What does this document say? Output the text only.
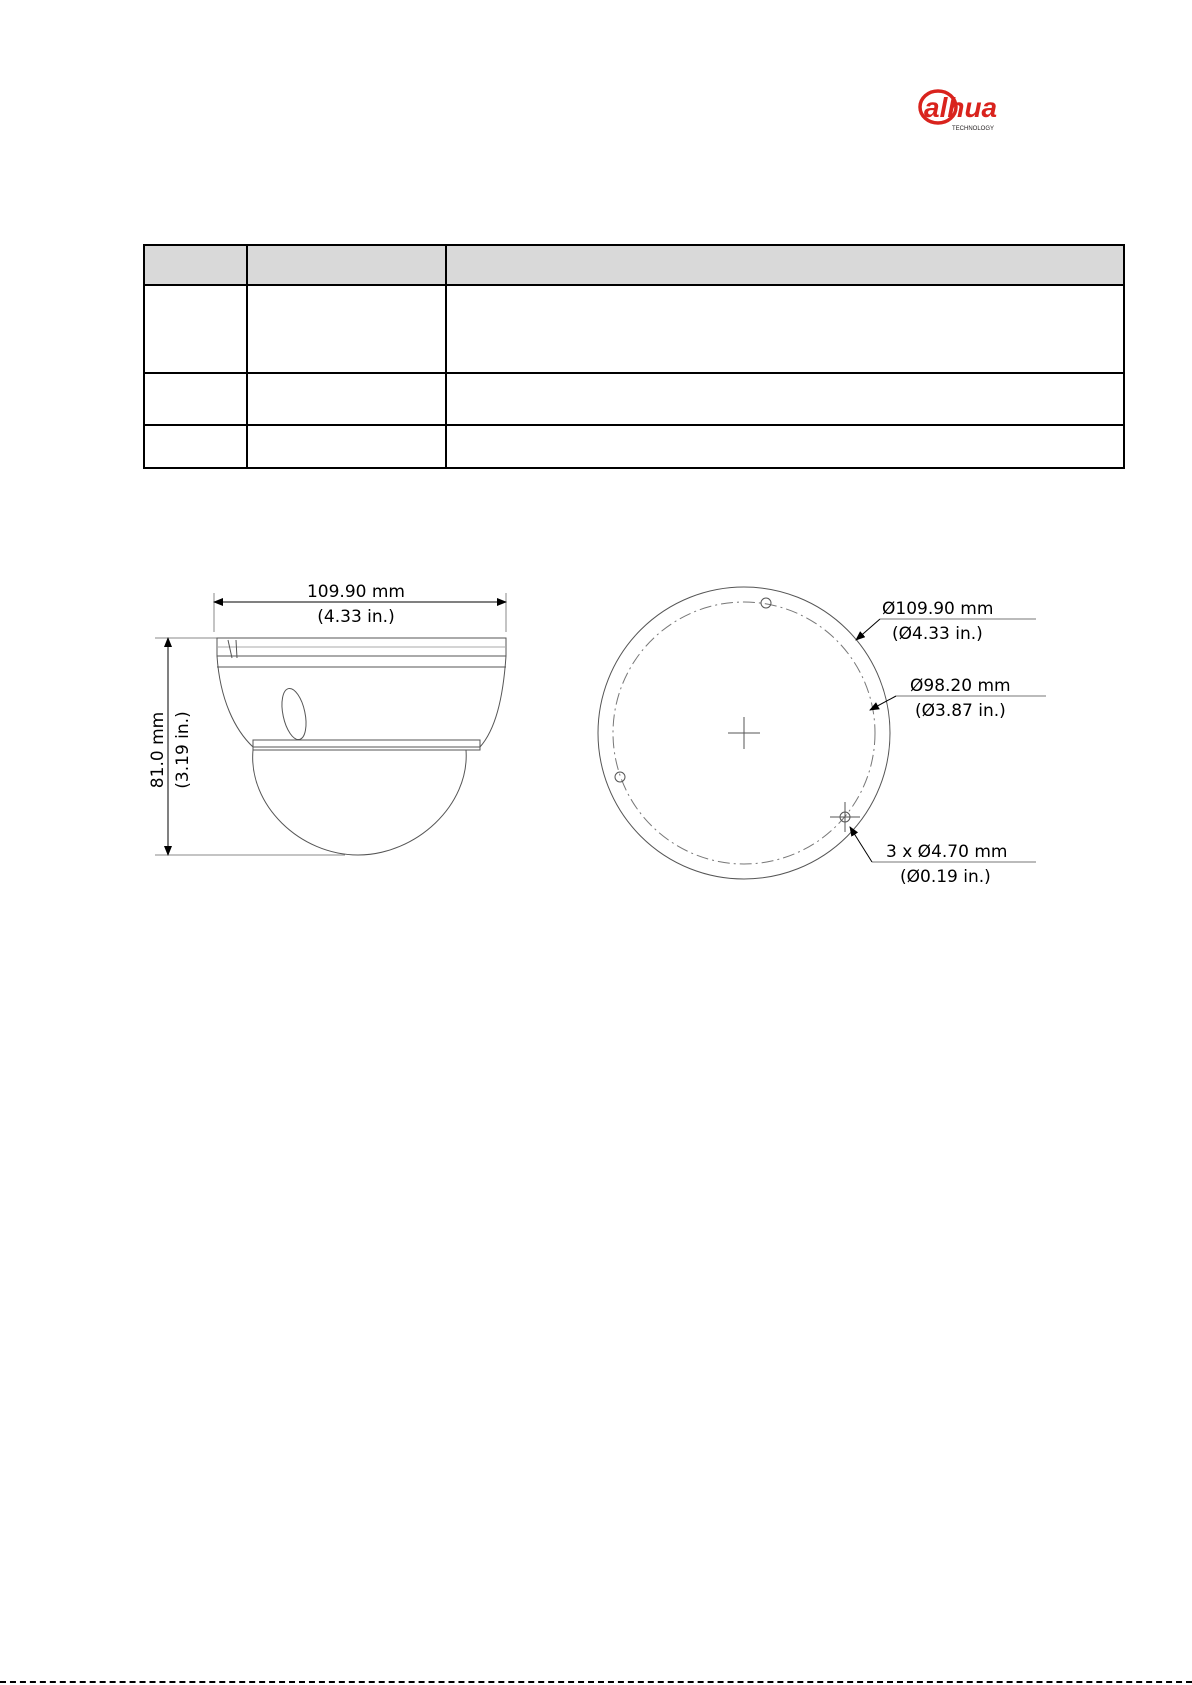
alhua
TECHNOLOGY

109.90 mm
(4.33 in.)
81.0 mm (3.19 in.)
Ø109.90 mm
(Ø4.33 in.)
Ø98.20 mm
(Ø3.87 in.)
3 x Ø4.70 mm
(Ø0.19 in.)
